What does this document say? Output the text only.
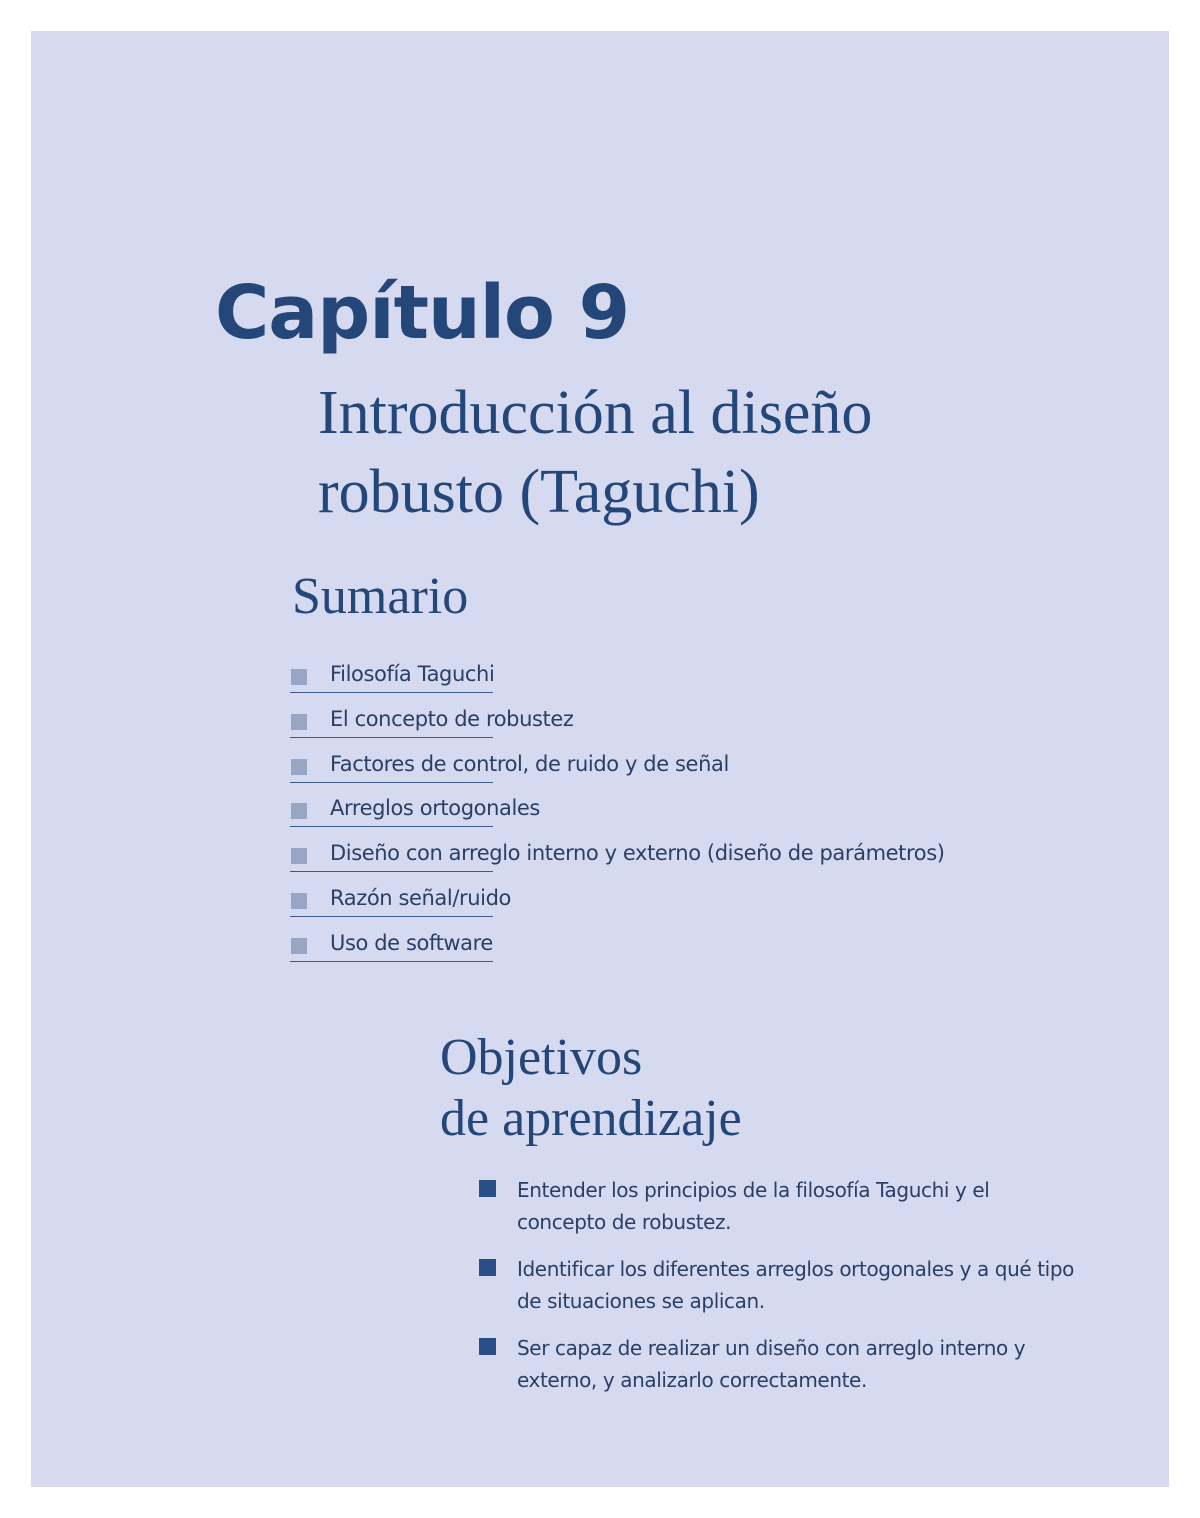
Capítulo 9
Introducción al diseño
robusto (Taguchi)
Sumario
Filosofía Taguchi
El concepto de robustez
Factores de control, de ruido y de señal
Arreglos ortogonales
Diseño con arreglo interno y externo (diseño de parámetros)
Razón señal/ruido
Uso de software
Objetivos
de aprendizaje
Entender los principios de la filosofía Taguchi y el
concepto de robustez.
Identificar los diferentes arreglos ortogonales y a qué tipo
de situaciones se aplican.
Ser capaz de realizar un diseño con arreglo interno y
externo, y analizarlo correctamente.
